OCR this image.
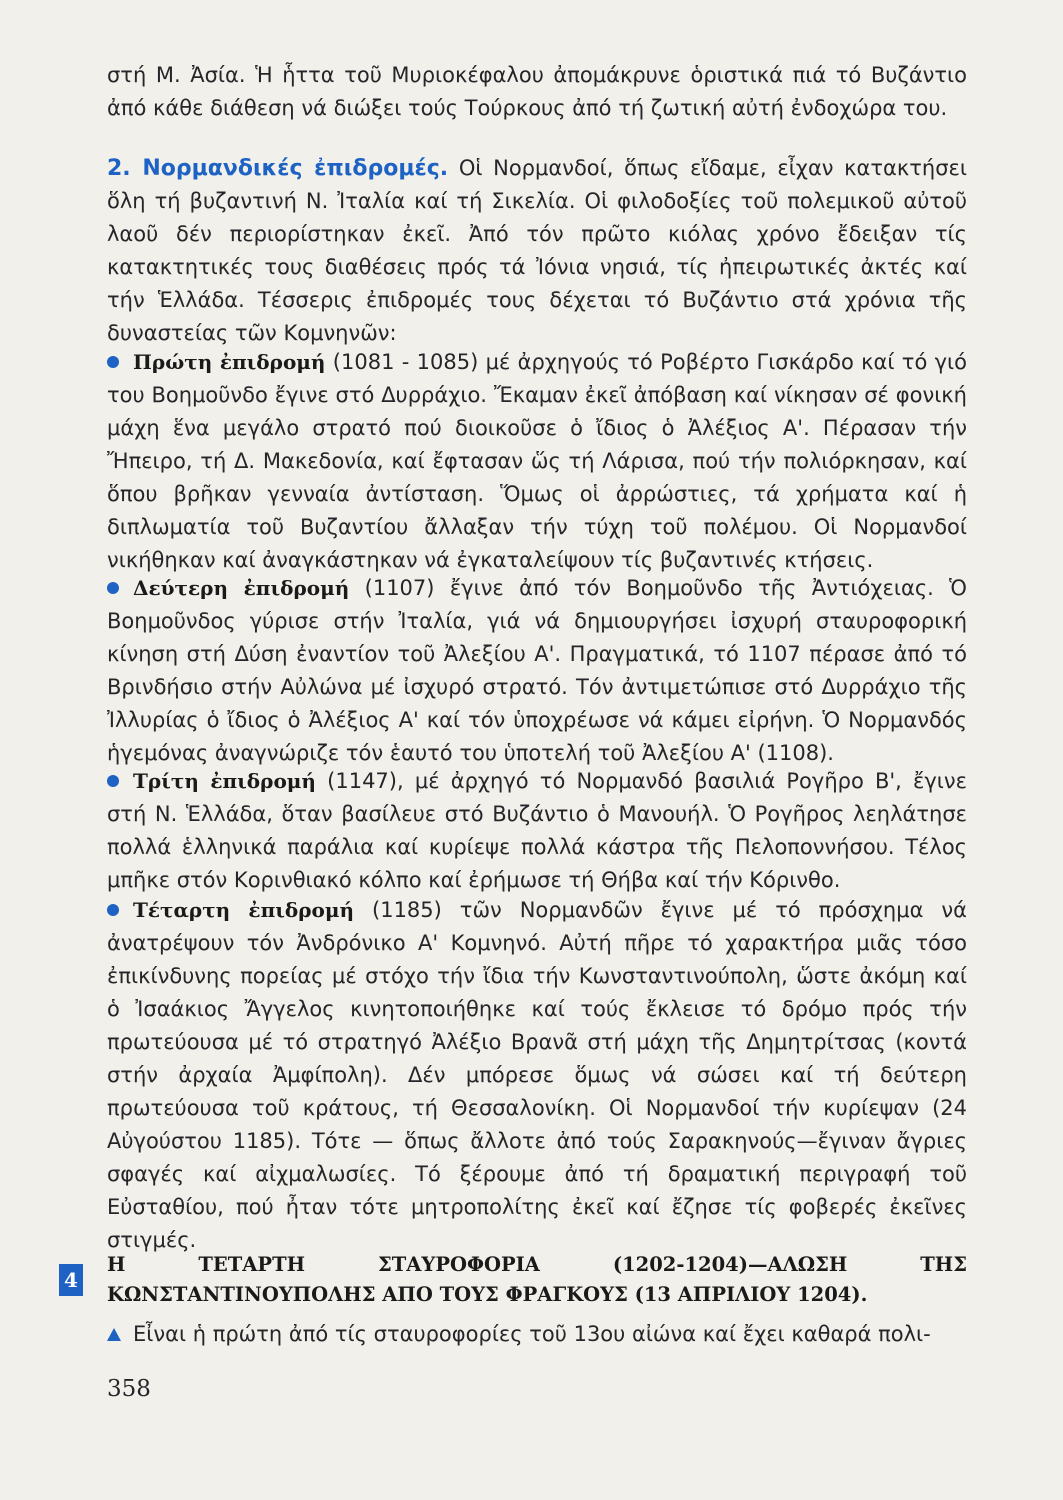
στή Μ. Ἀσία. Ἡ ἧττα τοῦ Μυριοκέφαλου ἀπομάκρυνε ὁριστικά πιά τό Βυζάντιο ἀπό κάθε διάθεση νά διώξει τούς Τούρκους ἀπό τή ζωτική αὐτή ἐνδοχώρα του.
2. Νορμανδικές ἐπιδρομές. Οἱ Νορμανδοί, ὅπως εἴδαμε, εἶχαν κατακτήσει ὅλη τή βυζαντινή Ν. Ἰταλία καί τή Σικελία. Οἱ φιλοδοξίες τοῦ πολεμικοῦ αὐτοῦ λαοῦ δέν περιορίστηκαν ἐκεῖ. Ἀπό τόν πρῶτο κιόλας χρόνο ἔδειξαν τίς κατακτητικές τους διαθέσεις πρός τά Ἰόνια νησιά, τίς ἠπειρωτικές ἀκτές καί τήν Ἑλλάδα. Τέσσερις ἐπιδρομές τους δέχεται τό Βυζάντιο στά χρόνια τῆς δυναστείας τῶν Κομνηνῶν:
Πρώτη ἐπιδρομή (1081 - 1085) μέ ἀρχηγούς τό Ροβέρτο Γισκάρδο καί τό γιό του Βοημοῦνδο ἔγινε στό Δυρράχιο. Ἔκαμαν ἐκεῖ ἀπόβαση καί νίκησαν σέ φονική μάχη ἕνα μεγάλο στρατό πού διοικοῦσε ὁ ἴδιος ὁ Ἀλέξιος Α'. Πέρασαν τήν Ἤπειρο, τή Δ. Μακεδονία, καί ἔφτασαν ὥς τή Λάρισα, πού τήν πολιόρκησαν, καί ὅπου βρῆκαν γενναία ἀντίσταση. Ὅμως οἱ ἀρρώστιες, τά χρήματα καί ἡ διπλωματία τοῦ Βυζαντίου ἄλλαξαν τήν τύχη τοῦ πολέμου. Οἱ Νορμανδοί νικήθηκαν καί ἀναγκάστηκαν νά ἐγκαταλείψουν τίς βυζαντινές κτήσεις.
Δεύτερη ἐπιδρομή (1107) ἔγινε ἀπό τόν Βοημοῦνδο τῆς Ἀντιόχειας. Ὁ Βοημοῦνδος γύρισε στήν Ἰταλία, γιά νά δημιουργήσει ἰσχυρή σταυροφορική κίνηση στή Δύση ἐναντίον τοῦ Ἀλεξίου Α'. Πραγματικά, τό 1107 πέρασε ἀπό τό Βρινδήσιο στήν Αὐλώνα μέ ἰσχυρό στρατό. Τόν ἀντιμετώπισε στό Δυρράχιο τῆς Ἰλλυρίας ὁ ἴδιος ὁ Ἀλέξιος Α' καί τόν ὑποχρέωσε νά κάμει εἰρήνη. Ὁ Νορμανδός ἡγεμόνας ἀναγνώριζε τόν ἑαυτό του ὑποτελή τοῦ Ἀλεξίου Α' (1108).
Τρίτη ἐπιδρομή (1147), μέ ἀρχηγό τό Νορμανδό βασιλιά Ρογῆρο Β', ἔγινε στή Ν. Ἑλλάδα, ὅταν βασίλευε στό Βυζάντιο ὁ Μανουήλ. Ὁ Ρογῆρος λεηλάτησε πολλά ἑλληνικά παράλια καί κυρίεψε πολλά κάστρα τῆς Πελοποννήσου. Τέλος μπῆκε στόν Κορινθιακό κόλπο καί ἐρήμωσε τή Θήβα καί τήν Κόρινθο.
Τέταρτη ἐπιδρομή (1185) τῶν Νορμανδῶν ἔγινε μέ τό πρόσχημα νά ἀνατρέψουν τόν Ἀνδρόνικο Α' Κομνηνό. Αὐτή πῆρε τό χαρακτήρα μιᾶς τόσο ἐπικίνδυνης πορείας μέ στόχο τήν ἴδια τήν Κωνσταντινούπολη, ὥστε ἀκόμη καί ὁ Ἰσαάκιος Ἄγγελος κινητοποιήθηκε καί τούς ἔκλεισε τό δρόμο πρός τήν πρωτεύουσα μέ τό στρατηγό Ἀλέξιο Βρανᾶ στή μάχη τῆς Δημητρίτσας (κοντά στήν ἀρχαία Ἀμφίπολη). Δέν μπόρεσε ὅμως νά σώσει καί τή δεύτερη πρωτεύουσα τοῦ κράτους, τή Θεσσαλονίκη. Οἱ Νορμανδοί τήν κυρίεψαν (24 Αὐγούστου 1185). Τότε — ὅπως ἄλλοτε ἀπό τούς Σαρακηνούς—ἔγιναν ἄγριες σφαγές καί αἰχμαλωσίες. Τό ξέρουμε ἀπό τή δραματική περιγραφή τοῦ Εὐσταθίου, πού ἦταν τότε μητροπολίτης ἐκεῖ καί ἔζησε τίς φοβερές ἐκεῖνες στιγμές.
4
Η ΤΕΤΑΡΤΗ ΣΤΑΥΡΟΦΟΡΙΑ (1202-1204)—ΑΛΩΣΗ ΤΗΣ ΚΩΝΣΤΑΝΤΙΝΟΥΠΟΛΗΣ ΑΠΟ ΤΟΥΣ ΦΡΑΓΚΟΥΣ (13 ΑΠΡΙΛΙΟΥ 1204).
Εἶναι ἡ πρώτη ἀπό τίς σταυροφορίες τοῦ 13ου αἰώνα καί ἔχει καθαρά πολι-
358
